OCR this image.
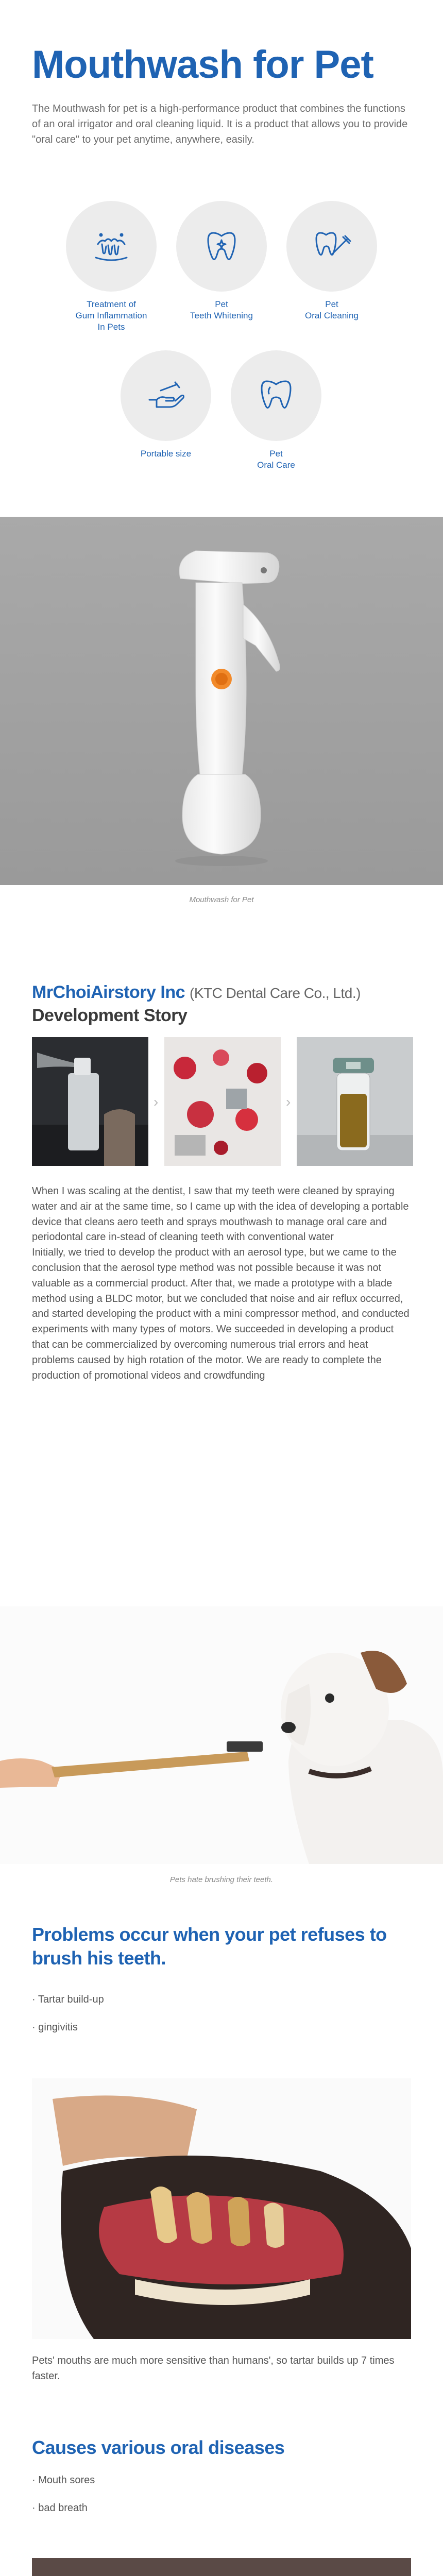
Mouthwash for Pet

The Mouthwash for pet is a high-performance product that combines the functions of an oral irrigator and oral cleaning liquid. It is a product that allows you to provide "oral care" to your pet anytime, anywhere, easily.

Treatment of
Gum Inflammation
In Pets
Pet
Teeth Whitening
Pet
Oral Cleaning
Portable size	Pet
Oral Care
Mouthwash for Pet
MrChoiAirstory Inc (KTC Dental Care Co., Ltd.)
Development Story
›	›
When I was scaling at the dentist, I saw that my teeth were cleaned by spraying water and air at the same time, so I came up with the idea of developing a portable device that cleans aero teeth and sprays mouthwash to manage oral care and periodontal care in-stead of cleaning teeth with conventional water
Initially, we tried to develop the product with an aerosol type, but we came to the conclusion that the aerosol type method was not possible because it was not valuable as a commercial product. After that, we made a prototype with a blade method using a BLDC motor, but we concluded that noise and air reflux occurred, and started developing the product with a mini compressor method, and conducted experiments with many types of motors. We succeeded in developing a product that can be commercialized by overcoming numerous trial errors and heat problems caused by high rotation of the motor. We are ready to complete the production of promotional videos and crowdfunding
Pets hate brushing their teeth.
Problems occur when your pet refuses to brush his teeth.
· Tartar build-up
· gingivitis
Pets' mouths are much more sensitive than humans', so tartar builds up 7 times faster.
Causes various oral diseases
· Mouth sores
· bad breath
